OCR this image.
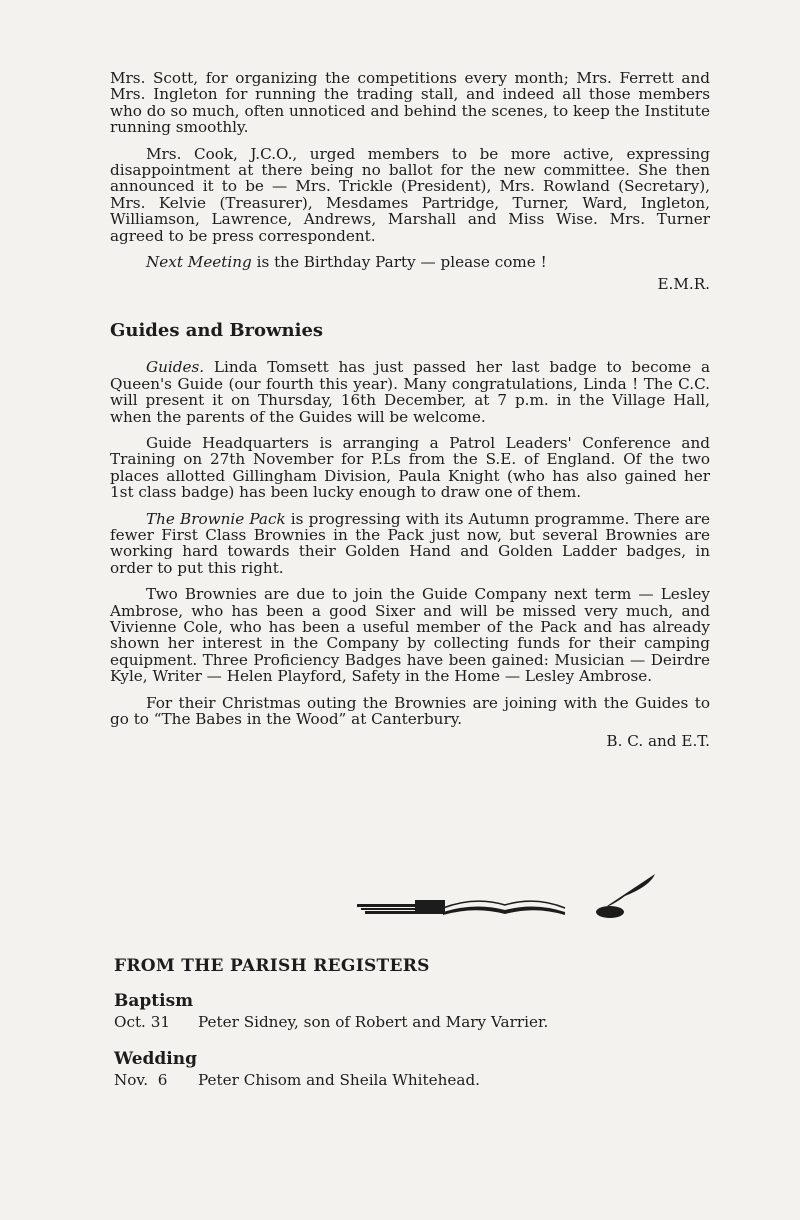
Mrs. Scott, for organizing the competitions every month; Mrs. Ferrett and Mrs. Ingleton for running the trading stall, and indeed all those members who do so much, often unnoticed and behind the scenes, to keep the Institute running smoothly.

Mrs. Cook, J.C.O., urged members to be more active, expressing disappointment at there being no ballot for the new committee. She then announced it to be — Mrs. Trickle (President), Mrs. Rowland (Secretary), Mrs. Kelvie (Treasurer), Mesdames Partridge, Turner, Ward, Ingleton, Williamson, Lawrence, Andrews, Marshall and Miss Wise. Mrs. Turner agreed to be press correspondent.

Next Meeting is the Birthday Party — please come !

E.M.R.

Guides and Brownies

Guides. Linda Tomsett has just passed her last badge to become a Queen's Guide (our fourth this year). Many congratulations, Linda ! The C.C. will present it on Thursday, 16th December, at 7 p.m. in the Village Hall, when the parents of the Guides will be welcome.

Guide Headquarters is arranging a Patrol Leaders' Conference and Training on 27th November for P.Ls from the S.E. of England. Of the two places allotted Gillingham Division, Paula Knight (who has also gained her 1st class badge) has been lucky enough to draw one of them.

The Brownie Pack is progressing with its Autumn programme. There are fewer First Class Brownies in the Pack just now, but several Brownies are working hard towards their Golden Hand and Golden Ladder badges, in order to put this right.

Two Brownies are due to join the Guide Company next term — Lesley Ambrose, who has been a good Sixer and will be missed very much, and Vivienne Cole, who has been a useful member of the Pack and has already shown her interest in the Company by collecting funds for their camping equipment. Three Proficiency Badges have been gained: Musician — Deirdre Kyle, Writer — Helen Playford, Safety in the Home — Lesley Ambrose.

For their Christmas outing the Brownies are joining with the Guides to go to “The Babes in the Wood” at Canterbury.

B. C. and E.T.

FROM THE PARISH REGISTERS
Baptism
Oct. 31	Peter Sidney, son of Robert and Mary Varrier.
Wedding
Nov.  6	Peter Chisom and Sheila Whitehead.
